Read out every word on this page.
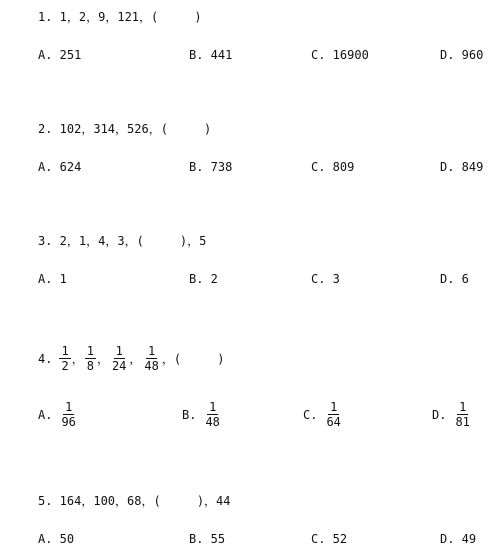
1. 1，2，9，121，(     )
A. 251	B. 441	C. 16900	D. 960
2. 102，314，526，(     )
A. 624	B. 738	C. 809	D. 849
3. 2，1，4，3，(     )，5
A. 1	B. 2	C. 3	D. 6
4. $\frac{1}{2}$ ， $\frac{1}{8}$ ， $\frac{1}{24}$ ， $\frac{1}{48}$ ， (     )
A. $\frac{1}{96}$	B. $\frac{1}{48}$	C. $\frac{1}{64}$	D. $\frac{1}{81}$
5. 164，100，68，(     )，44
A. 50	B. 55	C. 52	D. 49
